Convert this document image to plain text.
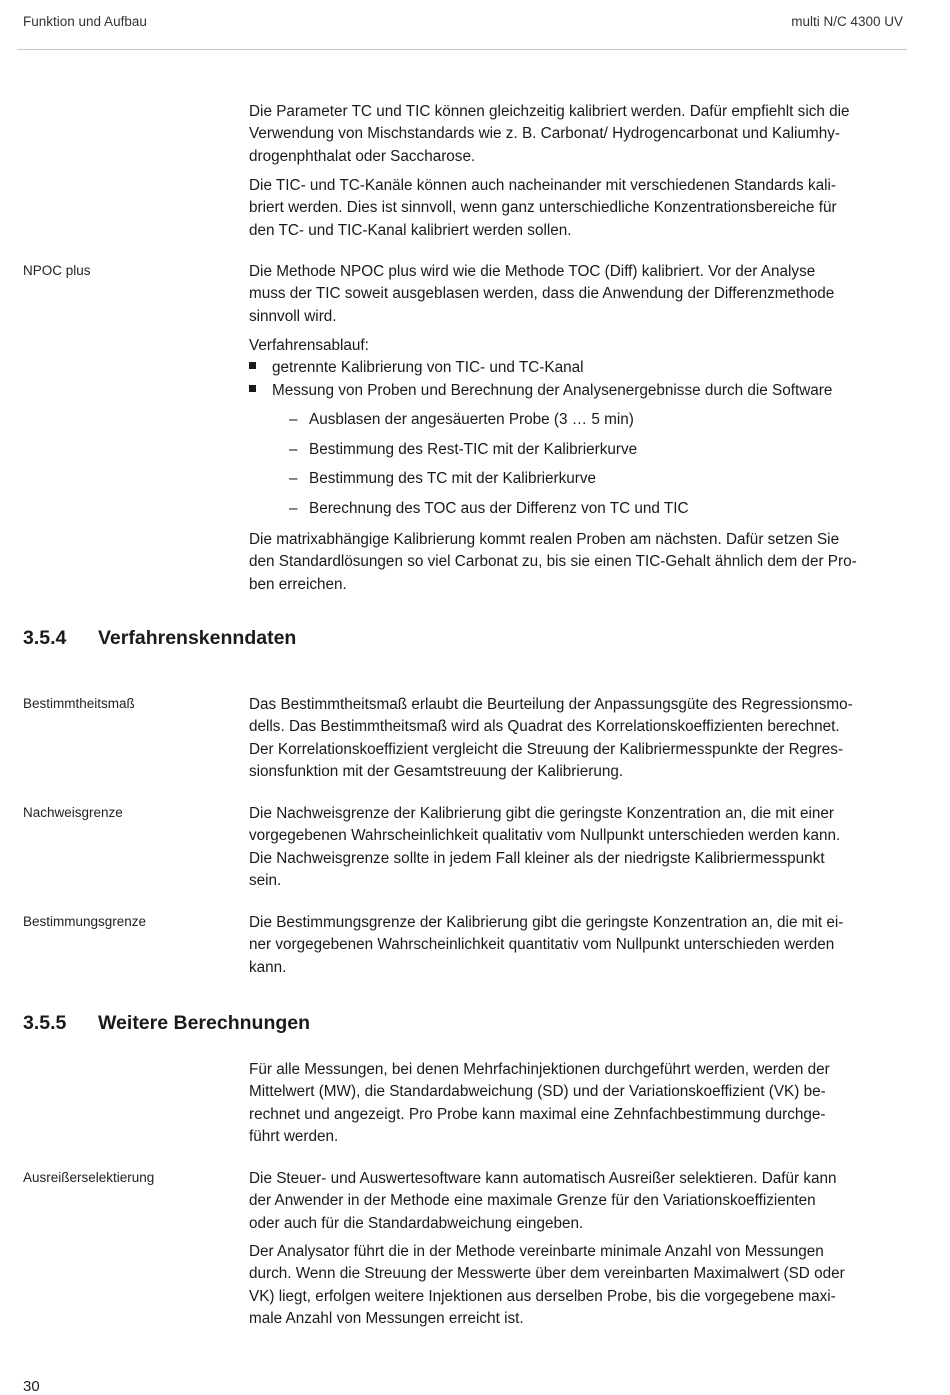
Funktion und Aufbau	multi N/C 4300 UV
Die Parameter TC und TIC können gleichzeitig kalibriert werden. Dafür empfiehlt sich die
Verwendung von Mischstandards wie z. B. Carbonat/ Hydrogencarbonat und Kaliumhy-
drogenphthalat oder Saccharose.
Die TIC- und TC-Kanäle können auch nacheinander mit verschiedenen Standards kali-
briert werden. Dies ist sinnvoll, wenn ganz unterschiedliche Konzentrationsbereiche für
den TC- und TIC-Kanal kalibriert werden sollen.
NPOC plus	Die Methode NPOC plus wird wie die Methode TOC (Diff) kalibriert. Vor der Analyse
muss der TIC soweit ausgeblasen werden, dass die Anwendung der Differenzmethode
sinnvoll wird.
Verfahrensablauf:
getrennte Kalibrierung von TIC- und TC-Kanal
Messung von Proben und Berechnung der Analysenergebnisse durch die Software
– Ausblasen der angesäuerten Probe (3 … 5 min)
– Bestimmung des Rest-TIC mit der Kalibrierkurve
– Bestimmung des TC mit der Kalibrierkurve
– Berechnung des TOC aus der Differenz von TC und TIC
Die matrixabhängige Kalibrierung kommt realen Proben am nächsten. Dafür setzen Sie
den Standardlösungen so viel Carbonat zu, bis sie einen TIC-Gehalt ähnlich dem der Pro-
ben erreichen.
3.5.4 Verfahrenskenndaten
Bestimmtheitsmaß	Das Bestimmtheitsmaß erlaubt die Beurteilung der Anpassungsgüte des Regressionsmo-
dells. Das Bestimmtheitsmaß wird als Quadrat des Korrelationskoeffizienten berechnet.
Der Korrelationskoeffizient vergleicht die Streuung der Kalibriermesspunkte der Regres-
sionsfunktion mit der Gesamtstreuung der Kalibrierung.
Nachweisgrenze	Die Nachweisgrenze der Kalibrierung gibt die geringste Konzentration an, die mit einer
vorgegebenen Wahrscheinlichkeit qualitativ vom Nullpunkt unterschieden werden kann.
Die Nachweisgrenze sollte in jedem Fall kleiner als der niedrigste Kalibriermesspunkt
sein.
Bestimmungsgrenze	Die Bestimmungsgrenze der Kalibrierung gibt die geringste Konzentration an, die mit ei-
ner vorgegebenen Wahrscheinlichkeit quantitativ vom Nullpunkt unterschieden werden
kann.
3.5.5 Weitere Berechnungen
Für alle Messungen, bei denen Mehrfachinjektionen durchgeführt werden, werden der
Mittelwert (MW), die Standardabweichung (SD) und der Variationskoeffizient (VK) be-
rechnet und angezeigt. Pro Probe kann maximal eine Zehnfachbestimmung durchge-
führt werden.
Ausreißerselektierung	Die Steuer- und Auswertesoftware kann automatisch Ausreißer selektieren. Dafür kann
der Anwender in der Methode eine maximale Grenze für den Variationskoeffizienten
oder auch für die Standardabweichung eingeben.
Der Analysator führt die in der Methode vereinbarte minimale Anzahl von Messungen
durch. Wenn die Streuung der Messwerte über dem vereinbarten Maximalwert (SD oder
VK) liegt, erfolgen weitere Injektionen aus derselben Probe, bis die vorgegebene maxi-
male Anzahl von Messungen erreicht ist.
30
